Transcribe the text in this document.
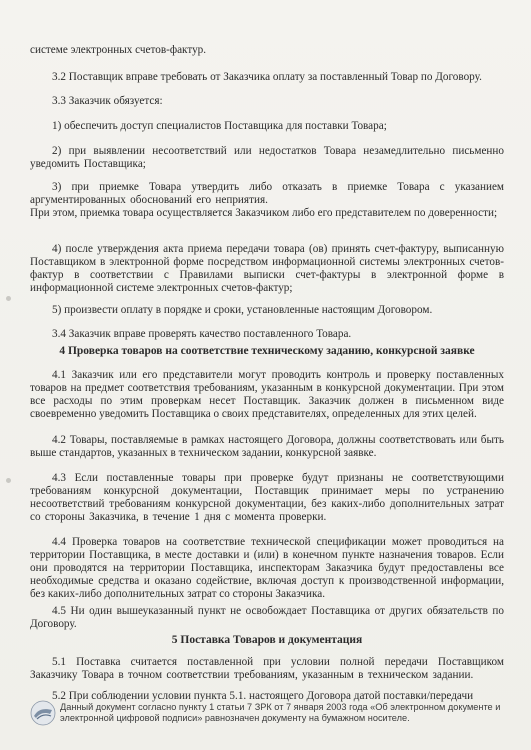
системе электронных счетов-фактур.

3.2 Поставщик вправе требовать от Заказчика оплату за поставленный Товар по Договору.

3.3 Заказчик обязуется:

1) обеспечить доступ специалистов Поставщика для поставки Товара;

2) при выявлении несоответствий или недостатков Товара незамедлительно письменно уведомить Поставщика;

3) при приемке Товара утвердить либо отказать в приемке Товара с указанием аргументированных обоснований его неприятия.

При этом, приемка товара осуществляется Заказчиком либо его представителем по доверенности;

4) после утверждения акта приема передачи товара (ов) принять счет-фактуру, выписанную Поставщиком в электронной форме посредством информационной системы электронных счетов-фактур в соответствии с Правилами выписки счет-фактуры в электронной форме в информационной системе электронных счетов-фактур;

5) произвести оплату в порядке и сроки, установленные настоящим Договором.

3.4 Заказчик вправе проверять качество поставленного Товара.

4 Проверка товаров на соответствие техническому заданию, конкурсной заявке

4.1 Заказчик или его представители могут проводить контроль и проверку поставленных товаров на предмет соответствия требованиям, указанным в конкурсной документации. При этом все расходы по этим проверкам несет Поставщик. Заказчик должен в письменном виде своевременно уведомить Поставщика о своих представителях, определенных для этих целей.

4.2 Товары, поставляемые в рамках настоящего Договора, должны соответствовать или быть выше стандартов, указанных в техническом задании, конкурсной заявке.

4.3 Если поставленные товары при проверке будут признаны не соответствующими требованиям конкурсной документации, Поставщик принимает меры по устранению несоответствий требованиям конкурсной документации, без каких-либо дополнительных затрат со стороны Заказчика, в течение 1 дня с момента проверки.

4.4 Проверка товаров на соответствие технической спецификации может проводиться на территории Поставщика, в месте доставки и (или) в конечном пункте назначения товаров. Если они проводятся на территории Поставщика, инспекторам Заказчика будут предоставлены все необходимые средства и оказано содействие, включая доступ к производственной информации, без каких-либо дополнительных затрат со стороны Заказчика.

4.5 Ни один вышеуказанный пункт не освобождает Поставщика от других обязательств по Договору.

5 Поставка Товаров и документация

5.1 Поставка считается поставленной при условии полной передачи Поставщиком Заказчику Товара в точном соответствии требованиям, указанным в техническом задании.

5.2 При соблюдении условии пункта 5.1. настоящего Договора датой поставки/передачи

Данный документ согласно пункту 1 статьи 7 ЗРК от 7 января 2003 года «Об электронном документе и электронной цифровой подписи» равнозначен документу на бумажном носителе.
